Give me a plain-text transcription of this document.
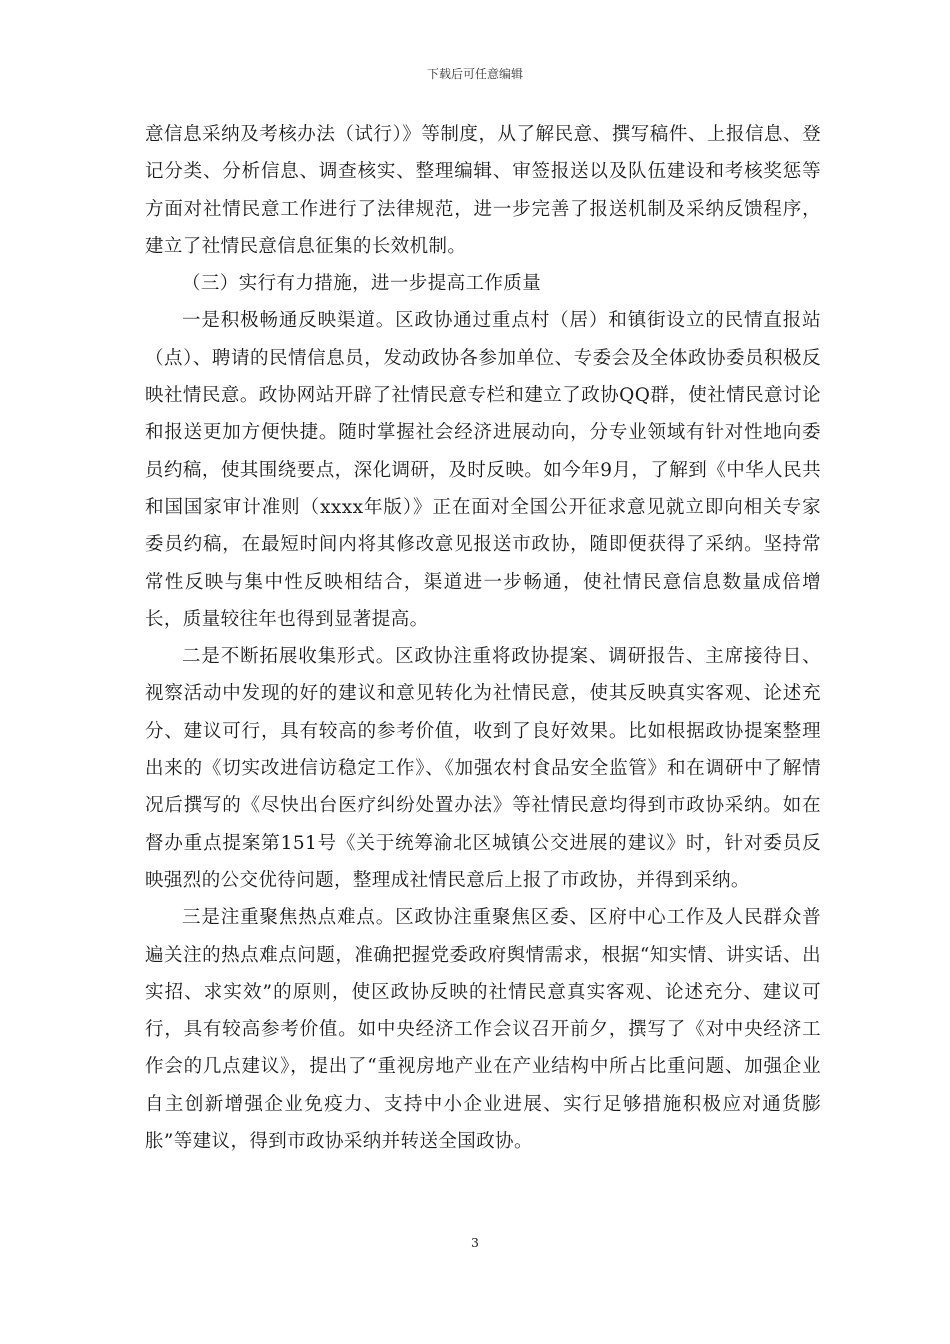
下载后可任意编辑

意信息采纳及考核办法（试行）》等制度，从了解民意、撰写稿件、上报信息、登记分类、分析信息、调查核实、整理编辑、审签报送以及队伍建设和考核奖惩等方面对社情民意工作进行了法律规范，进一步完善了报送机制及采纳反馈程序，建立了社情民意信息征集的长效机制。

（三）实行有力措施，进一步提高工作质量

一是积极畅通反映渠道。区政协通过重点村（居）和镇街设立的民情直报站（点）、聘请的民情信息员，发动政协各参加单位、专委会及全体政协委员积极反映社情民意。政协网站开辟了社情民意专栏和建立了政协QQ群，使社情民意讨论和报送更加方便快捷。随时掌握社会经济进展动向，分专业领域有针对性地向委员约稿，使其围绕要点，深化调研，及时反映。如今年9月，了解到《中华人民共和国国家审计准则（xxxx年版）》正在面对全国公开征求意见就立即向相关专家委员约稿，在最短时间内将其修改意见报送市政协，随即便获得了采纳。坚持常常性反映与集中性反映相结合，渠道进一步畅通，使社情民意信息数量成倍增长，质量较往年也得到显著提高。

二是不断拓展收集形式。区政协注重将政协提案、调研报告、主席接待日、视察活动中发现的好的建议和意见转化为社情民意，使其反映真实客观、论述充分、建议可行，具有较高的参考价值，收到了良好效果。比如根据政协提案整理出来的《切实改进信访稳定工作》、《加强农村食品安全监管》和在调研中了解情况后撰写的《尽快出台医疗纠纷处置办法》等社情民意均得到市政协采纳。如在督办重点提案第151号《关于统筹渝北区城镇公交进展的建议》时，针对委员反映强烈的公交优待问题，整理成社情民意后上报了市政协，并得到采纳。

三是注重聚焦热点难点。区政协注重聚焦区委、区府中心工作及人民群众普遍关注的热点难点问题，准确把握党委政府舆情需求，根据“知实情、讲实话、出实招、求实效”的原则，使区政协反映的社情民意真实客观、论述充分、建议可行，具有较高参考价值。如中央经济工作会议召开前夕，撰写了《对中央经济工作会的几点建议》，提出了“重视房地产业在产业结构中所占比重问题、加强企业自主创新增强企业免疫力、支持中小企业进展、实行足够措施积极应对通货膨胀”等建议，得到市政协采纳并转送全国政协。

3
